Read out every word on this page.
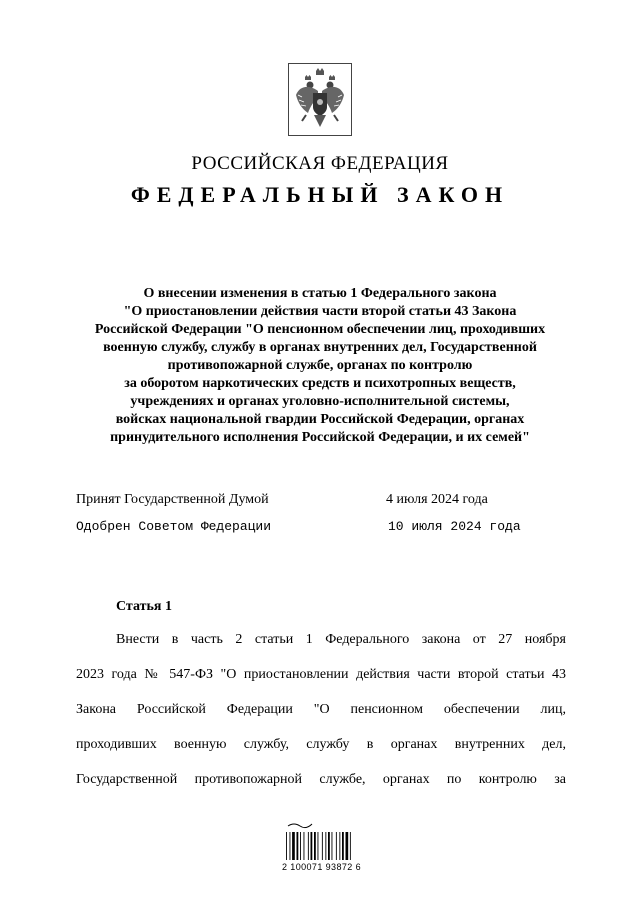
РОССИЙСКАЯ ФЕДЕРАЦИЯ
ФЕДЕРАЛЬНЫЙ ЗАКОН
О внесении изменения в статью 1 Федерального закона
"О приостановлении действия части второй статьи 43 Закона
Российской Федерации "О пенсионном обеспечении лиц, проходивших
военную службу, службу в органах внутренних дел, Государственной
противопожарной службе, органах по контролю
за оборотом наркотических средств и психотропных веществ,
учреждениях и органах уголовно-исполнительной системы,
войсках национальной гвардии Российской Федерации, органах
принудительного исполнения Российской Федерации, и их семей"
Принят Государственной Думой	4 июля 2024 года
Одобрен Советом Федерации	10 июля 2024 года
Статья 1
Внести в часть 2 статьи 1 Федерального закона от 27 ноября
2023 года № 547-ФЗ "О приостановлении действия части второй статьи 43
Закона Российской Федерации "О пенсионном обеспечении лиц,
проходивших военную службу, службу в органах внутренних дел,
Государственной противопожарной службе, органах по контролю за
2 100071 93872 6
